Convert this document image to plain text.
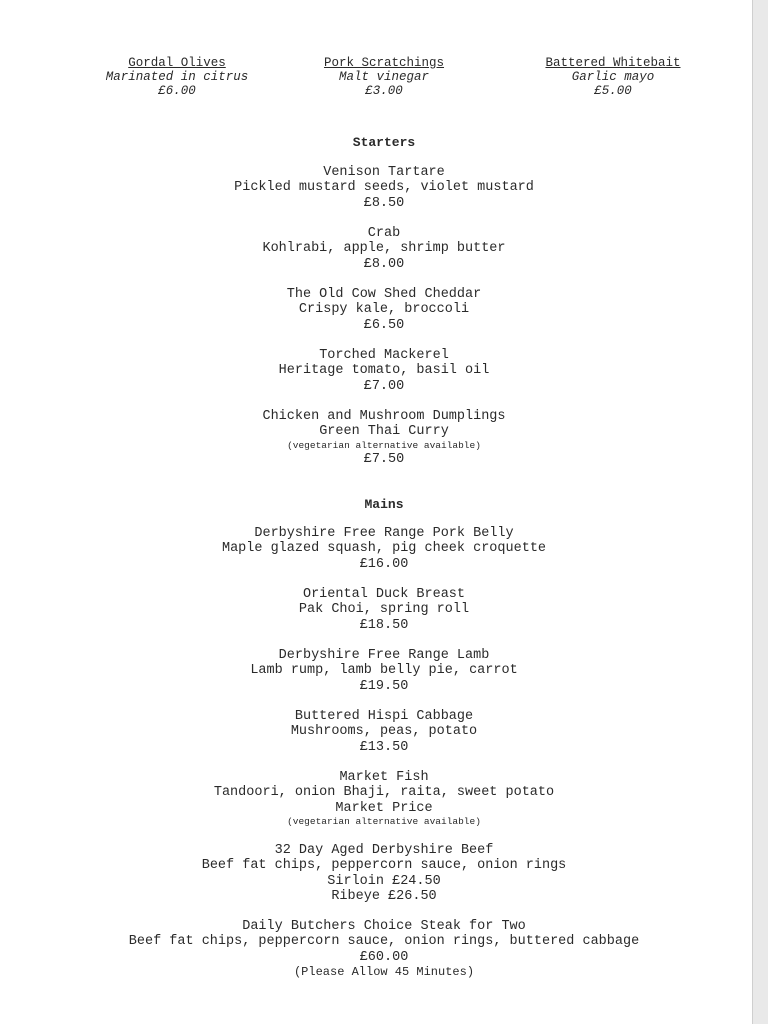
Gordal Olives
Marinated in citrus
£6.00
Pork Scratchings
Malt vinegar
£3.00
Battered Whitebait
Garlic mayo
£5.00
Starters
Venison Tartare
Pickled mustard seeds, violet mustard
£8.50
Crab
Kohlrabi, apple, shrimp butter
£8.00
The Old Cow Shed Cheddar
Crispy kale, broccoli
£6.50
Torched Mackerel
Heritage tomato, basil oil
£7.00
Chicken and Mushroom Dumplings
Green Thai Curry
(vegetarian alternative available)
£7.50
Mains
Derbyshire Free Range Pork Belly
Maple glazed squash, pig cheek croquette
£16.00
Oriental Duck Breast
Pak Choi, spring roll
£18.50
Derbyshire Free Range Lamb
Lamb rump, lamb belly pie, carrot
£19.50
Buttered Hispi Cabbage
Mushrooms, peas, potato
£13.50
Market Fish
Tandoori, onion Bhaji, raita, sweet potato
Market Price
(vegetarian alternative available)
32 Day Aged Derbyshire Beef
Beef fat chips, peppercorn sauce, onion rings
Sirloin £24.50
Ribeye £26.50
Daily Butchers Choice Steak for Two
Beef fat chips, peppercorn sauce, onion rings, buttered cabbage
£60.00
(Please Allow 45 Minutes)
